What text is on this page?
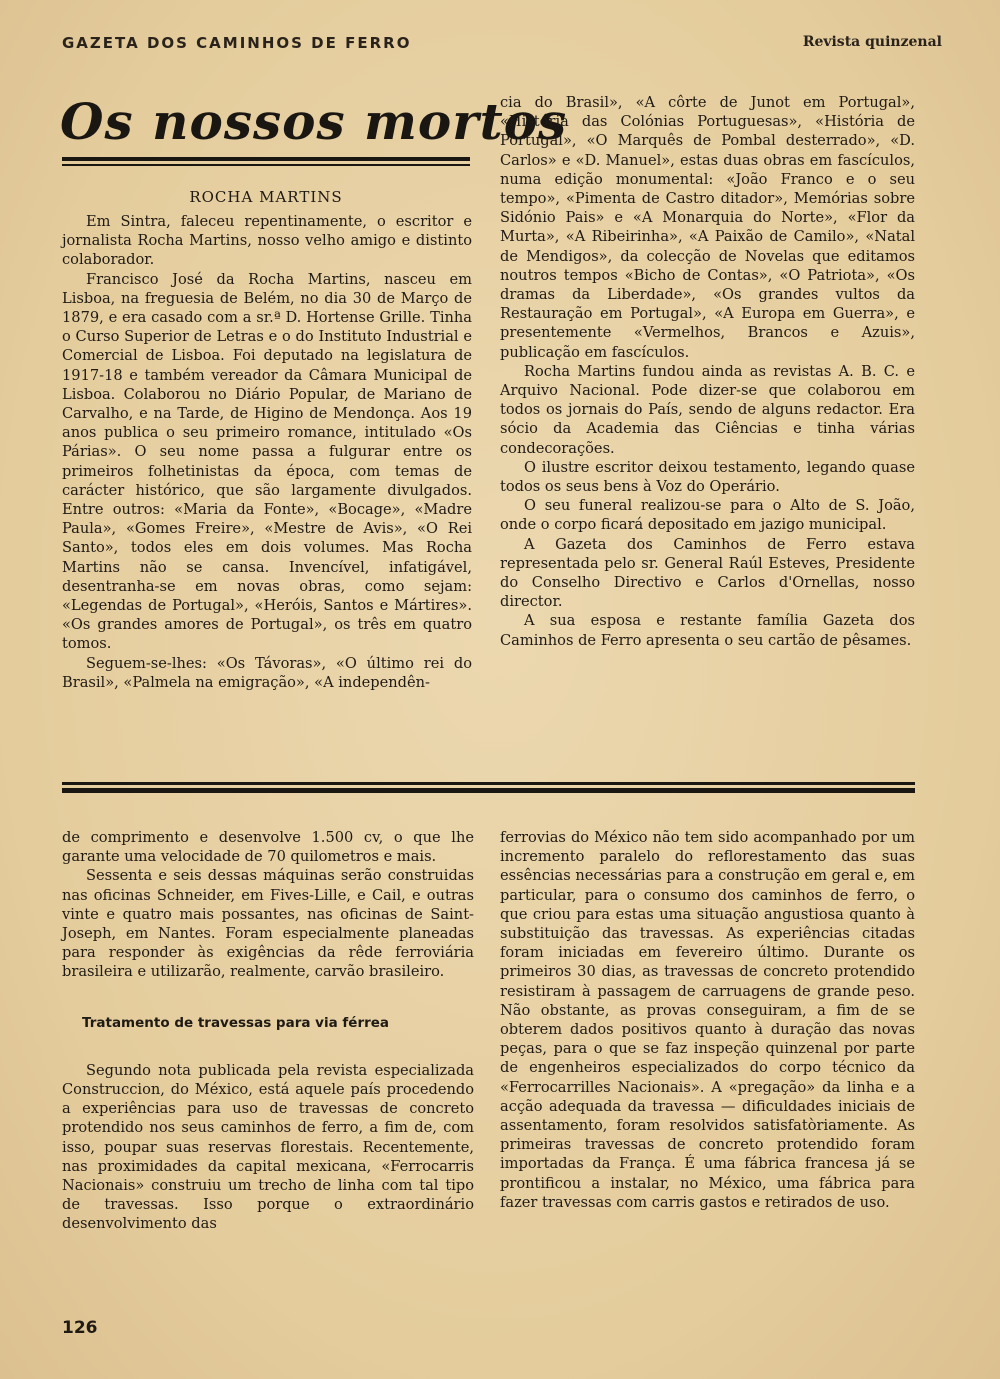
GAZETA DOS CAMINHOS DE FERRO	Revista quinzenal
Os nossos mortos
ROCHA MARTINS

Em Sintra, faleceu repentinamente, o escritor e jornalista Rocha Martins, nosso velho amigo e distinto colaborador.

Francisco José da Rocha Martins, nasceu em Lisboa, na freguesia de Belém, no dia 30 de Março de 1879, e era casado com a sr.ª D. Hortense Grille. Tinha o Curso Superior de Letras e o do Instituto Industrial e Comercial de Lisboa. Foi deputado na legislatura de 1917-18 e também vereador da Câmara Municipal de Lisboa. Colaborou no Diário Popular, de Mariano de Carvalho, e na Tarde, de Higino de Mendonça. Aos 19 anos publica o seu primeiro romance, intitulado «Os Párias». O seu nome passa a fulgurar entre os primeiros folhetinistas da época, com temas de carácter histórico, que são largamente divulgados. Entre outros: «Maria da Fonte», «Bocage», «Madre Paula», «Gomes Freire», «Mestre de Avis», «O Rei Santo», todos eles em dois volumes. Mas Rocha Martins não se cansa. Invencível, infatigável, desentranha-se em novas obras, como sejam: «Legendas de Portugal», «Heróis, Santos e Mártires». «Os grandes amores de Portugal», os três em quatro tomos.

Seguem-se-lhes: «Os Távoras», «O último rei do Brasil», «Palmela na emigração», «A independên-

cia do Brasil», «A côrte de Junot em Portugal», «História das Colónias Portuguesas», «História de Portugal», «O Marquês de Pombal desterrado», «D. Carlos» e «D. Manuel», estas duas obras em fascículos, numa edição monumental: «João Franco e o seu tempo», «Pimenta de Castro ditador», Memórias sobre Sidónio Pais» e «A Monarquia do Norte», «Flor da Murta», «A Ribeirinha», «A Paixão de Camilo», «Natal de Mendigos», da colecção de Novelas que editamos noutros tempos «Bicho de Contas», «O Patriota», «Os dramas da Liberdade», «Os grandes vultos da Restauração em Portugal», «A Europa em Guerra», e presentemente «Vermelhos, Brancos e Azuis», publicação em fascículos.

Rocha Martins fundou ainda as revistas A. B. C. e Arquivo Nacional. Pode dizer-se que colaborou em todos os jornais do País, sendo de alguns redactor. Era sócio da Academia das Ciências e tinha várias condecorações.

O ilustre escritor deixou testamento, legando quase todos os seus bens à Voz do Operário.

O seu funeral realizou-se para o Alto de S. João, onde o corpo ficará depositado em jazigo municipal.

A Gazeta dos Caminhos de Ferro estava representada pelo sr. General Raúl Esteves, Presidente do Conselho Directivo e Carlos d'Ornellas, nosso director.

A sua esposa e restante família Gazeta dos Caminhos de Ferro apresenta o seu cartão de pêsames.

de comprimento e desenvolve 1.500 cv, o que lhe garante uma velocidade de 70 quilometros e mais.

Sessenta e seis dessas máquinas serão construidas nas oficinas Schneider, em Fives-Lille, e Cail, e outras vinte e quatro mais possantes, nas oficinas de Saint-Joseph, em Nantes. Foram especialmente planeadas para responder às exigências da rêde ferroviária brasileira e utilizarão, realmente, carvão brasileiro.

Tratamento de travessas para via férrea

Segundo nota publicada pela revista especializada Construccion, do México, está aquele país procedendo a experiências para uso de travessas de concreto protendido nos seus caminhos de ferro, a fim de, com isso, poupar suas reservas florestais. Recentemente, nas proximidades da capital mexicana, «Ferrocarris Nacionais» construiu um trecho de linha com tal tipo de travessas. Isso porque o extraordinário desenvolvimento das

ferrovias do México não tem sido acompanhado por um incremento paralelo do reflorestamento das suas essências necessárias para a construção em geral e, em particular, para o consumo dos caminhos de ferro, o que criou para estas uma situação angustiosa quanto à substituição das travessas. As experiências citadas foram iniciadas em fevereiro último. Durante os primeiros 30 dias, as travessas de concreto protendido resistiram à passagem de carruagens de grande peso. Não obstante, as provas conseguiram, a fim de se obterem dados positivos quanto à duração das novas peças, para o que se faz inspeção quinzenal por parte de engenheiros especializados do corpo técnico da «Ferrocarrilles Nacionais». A «pregação» da linha e a acção adequada da travessa — dificuldades iniciais de assentamento, foram resolvidos satisfatòriamente. As primeiras travessas de concreto protendido foram importadas da França. É uma fábrica francesa já se prontificou a instalar, no México, uma fábrica para fazer travessas com carris gastos e retirados de uso.

126
